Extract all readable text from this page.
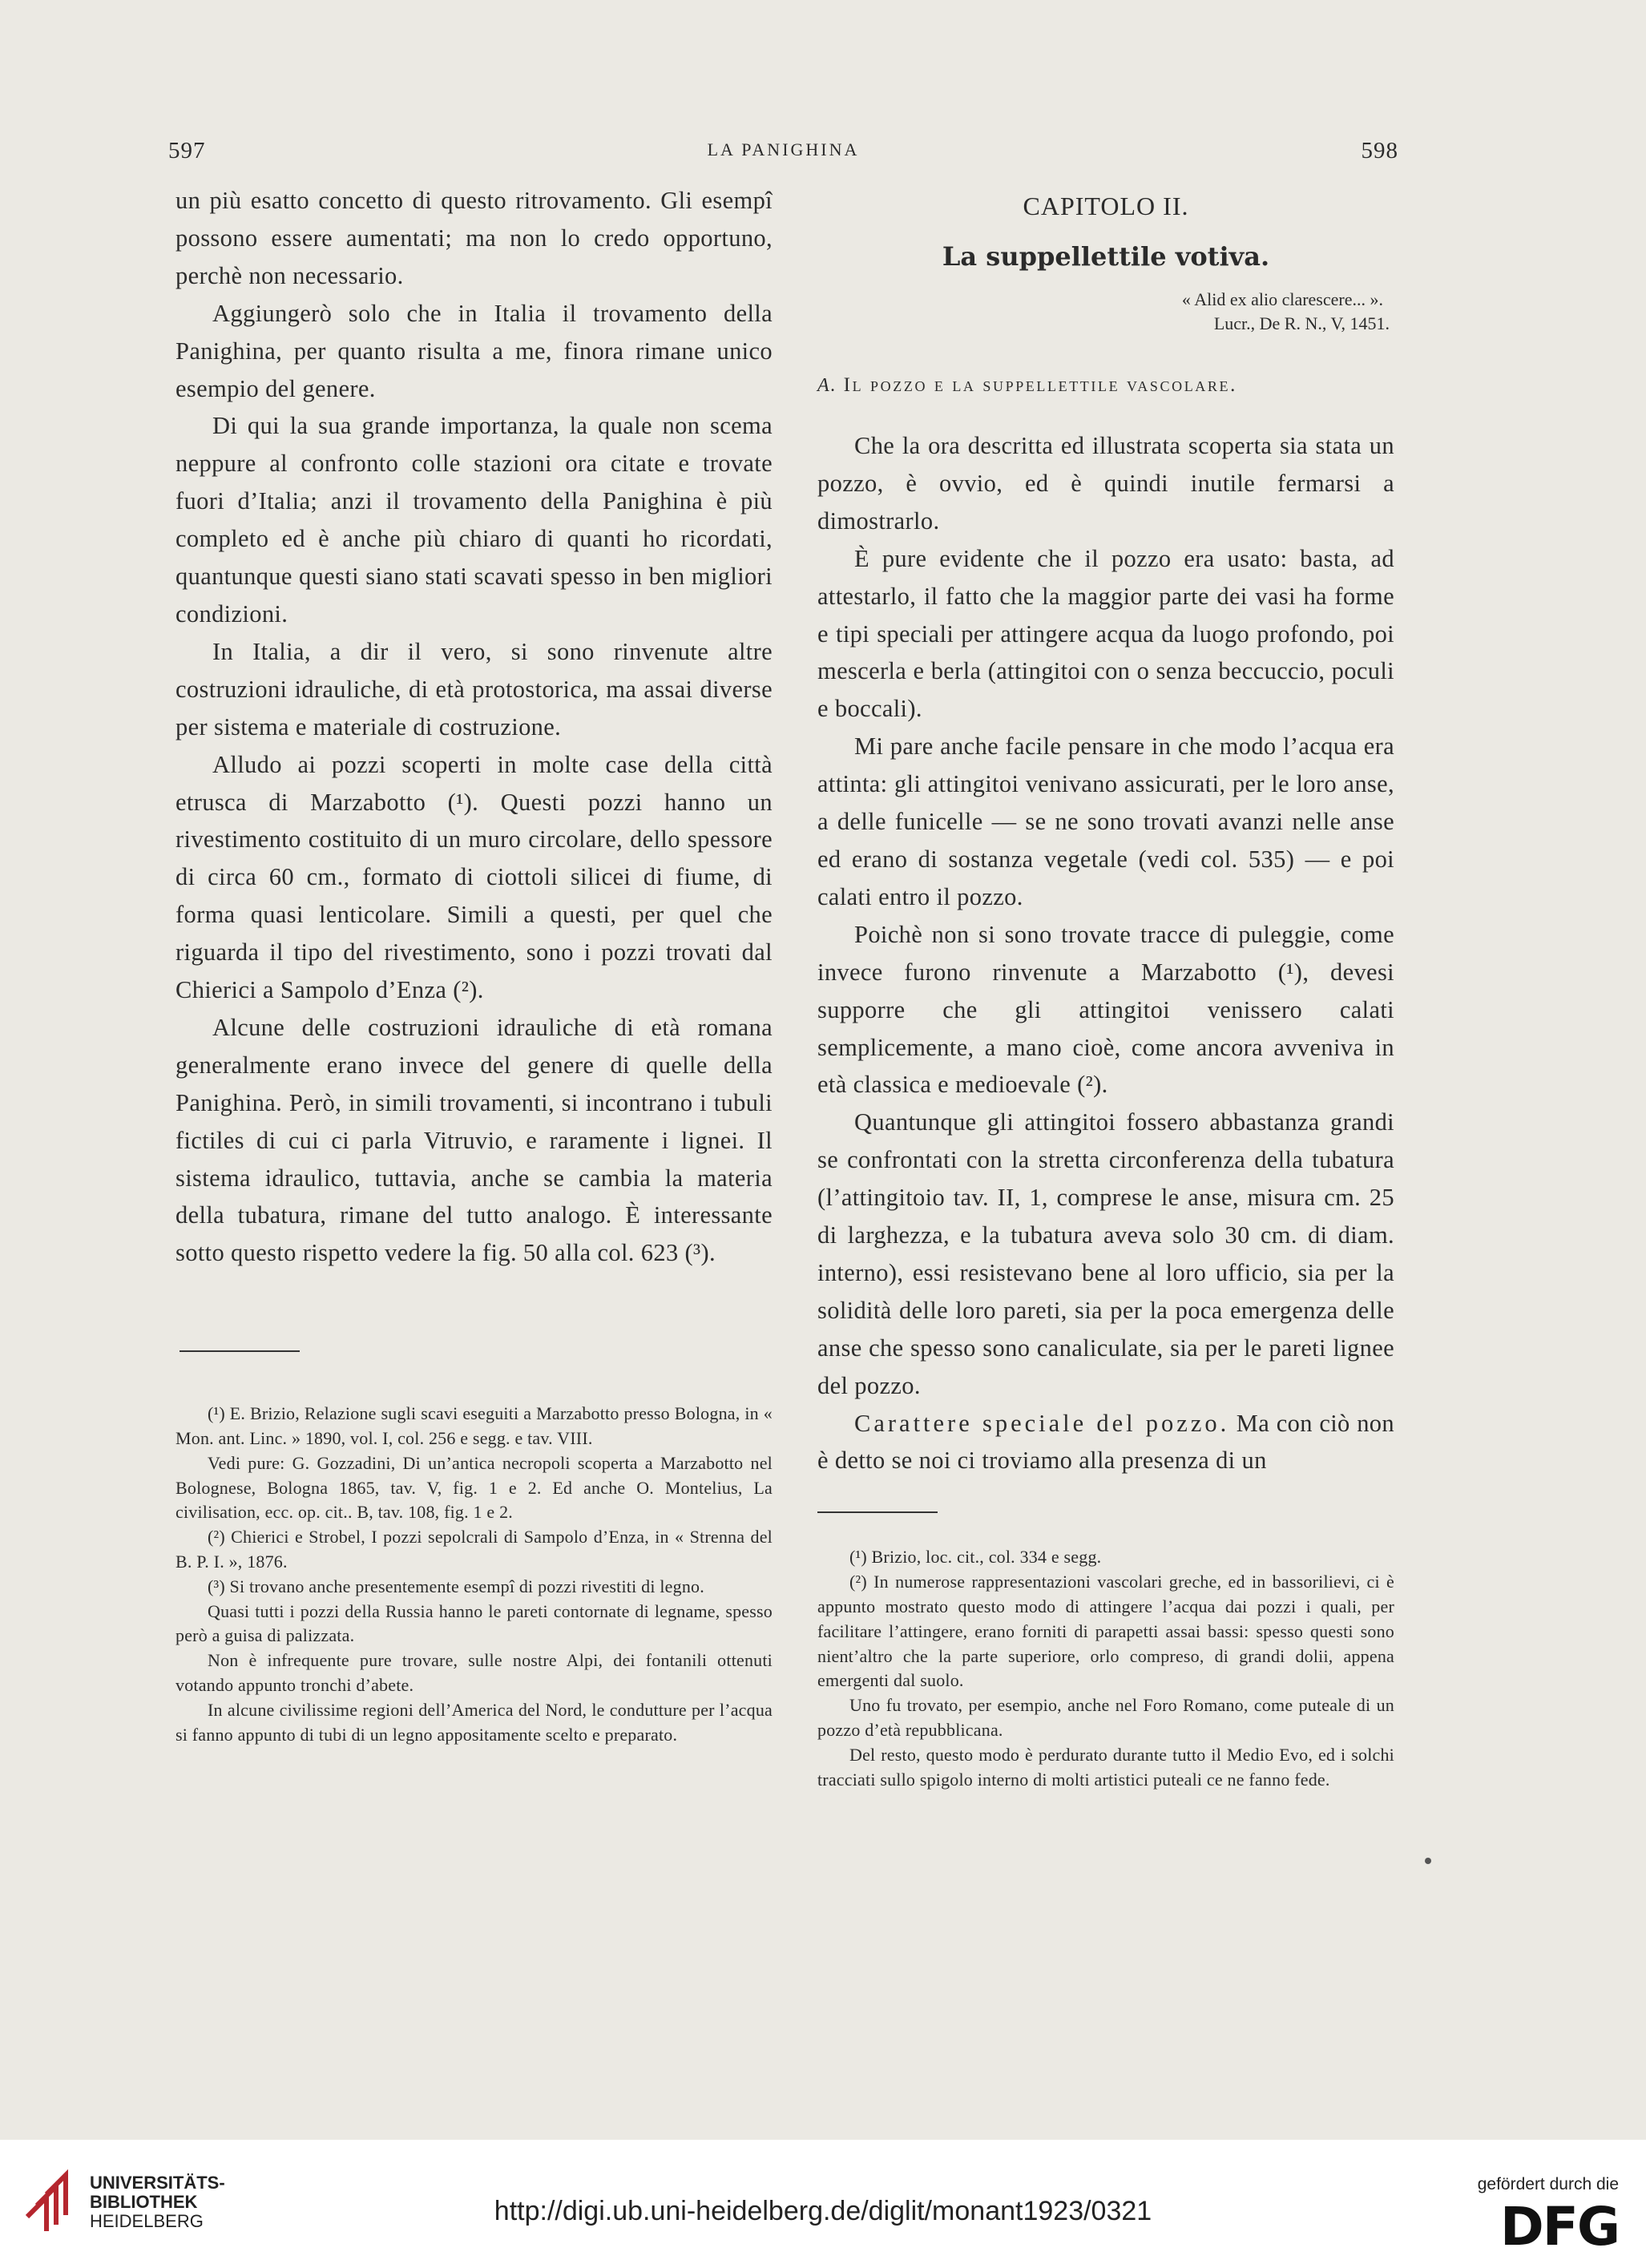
597	LA PANIGHINA	598

un più esatto concetto di questo ritrovamento. Gli esempî possono essere aumentati; ma non lo credo opportuno, perchè non necessario.

Aggiungerò solo che in Italia il trovamento della Panighina, per quanto risulta a me, finora rimane unico esempio del genere.

Di qui la sua grande importanza, la quale non scema neppure al confronto colle stazioni ora citate e trovate fuori d’Italia; anzi il trovamento della Panighina è più completo ed è anche più chiaro di quanti ho ricordati, quantunque questi siano stati scavati spesso in ben migliori condizioni.

In Italia, a dir il vero, si sono rinvenute altre costruzioni idrauliche, di età protostorica, ma assai diverse per sistema e materiale di costruzione.

Alludo ai pozzi scoperti in molte case della città etrusca di Marzabotto (¹). Questi pozzi hanno un rivestimento costituito di un muro circolare, dello spessore di circa 60 cm., formato di ciottoli silicei di fiume, di forma quasi lenticolare. Simili a questi, per quel che riguarda il tipo del rivestimento, sono i pozzi trovati dal Chierici a Sampolo d’Enza (²).

Alcune delle costruzioni idrauliche di età romana generalmente erano invece del genere di quelle della Panighina. Però, in simili trovamenti, si incontrano i tubuli fictiles di cui ci parla Vitruvio, e raramente i lignei. Il sistema idraulico, tuttavia, anche se cambia la materia della tubatura, rimane del tutto analogo. È interessante sotto questo rispetto vedere la fig. 50 alla col. 623 (³).

(¹) E. Brizio, Relazione sugli scavi eseguiti a Marzabotto presso Bologna, in « Mon. ant. Linc. » 1890, vol. I, col. 256 e segg. e tav. VIII.

Vedi pure: G. Gozzadini, Di un’antica necropoli scoperta a Marzabotto nel Bolognese, Bologna 1865, tav. V, fig. 1 e 2. Ed anche O. Montelius, La civilisation, ecc. op. cit.. B, tav. 108, fig. 1 e 2.

(²) Chierici e Strobel, I pozzi sepolcrali di Sampolo d’Enza, in « Strenna del B. P. I. », 1876.

(³) Si trovano anche presentemente esempî di pozzi rivestiti di legno.

Quasi tutti i pozzi della Russia hanno le pareti contornate di legname, spesso però a guisa di palizzata.

Non è infrequente pure trovare, sulle nostre Alpi, dei fontanili ottenuti votando appunto tronchi d’abete.

In alcune civilissime regioni dell’America del Nord, le condutture per l’acqua si fanno appunto di tubi di un legno appositamente scelto e preparato.

CAPITOLO II.
La suppellettile votiva.
« Alid ex alio clarescere... ».
Lucr., De R. N., V, 1451.
A. Il pozzo e la suppellettile vascolare.

Che la ora descritta ed illustrata scoperta sia stata un pozzo, è ovvio, ed è quindi inutile fermarsi a dimostrarlo.

È pure evidente che il pozzo era usato: basta, ad attestarlo, il fatto che la maggior parte dei vasi ha forme e tipi speciali per attingere acqua da luogo profondo, poi mescerla e berla (attingitoi con o senza beccuccio, poculi e boccali).

Mi pare anche facile pensare in che modo l’acqua era attinta: gli attingitoi venivano assicurati, per le loro anse, a delle funicelle — se ne sono trovati avanzi nelle anse ed erano di sostanza vegetale (vedi col. 535) — e poi calati entro il pozzo.

Poichè non si sono trovate tracce di puleggie, come invece furono rinvenute a Marzabotto (¹), devesi supporre che gli attingitoi venissero calati semplicemente, a mano cioè, come ancora avveniva in età classica e medioevale (²).

Quantunque gli attingitoi fossero abbastanza grandi se confrontati con la stretta circonferenza della tubatura (l’attingitoio tav. II, 1, comprese le anse, misura cm. 25 di larghezza, e la tubatura aveva solo 30 cm. di diam. interno), essi resistevano bene al loro ufficio, sia per la solidità delle loro pareti, sia per la poca emergenza delle anse che spesso sono canaliculate, sia per le pareti lignee del pozzo.

Carattere speciale del pozzo. Ma con ciò non è detto se noi ci troviamo alla presenza di un

(¹) Brizio, loc. cit., col. 334 e segg.

(²) In numerose rappresentazioni vascolari greche, ed in bassorilievi, ci è appunto mostrato questo modo di attingere l’acqua dai pozzi i quali, per facilitare l’attingere, erano forniti di parapetti assai bassi: spesso questi sono nient’altro che la parte superiore, orlo compreso, di grandi dolii, appena emergenti dal suolo.

Uno fu trovato, per esempio, anche nel Foro Romano, come puteale di un pozzo d’età repubblicana.

Del resto, questo modo è perdurato durante tutto il Medio Evo, ed i solchi tracciati sullo spigolo interno di molti artistici puteali ce ne fanno fede.

UNIVERSITÄTS-
BIBLIOTHEK
HEIDELBERG	http://digi.ub.uni-heidelberg.de/diglit/monant1923/0321
gefördert durch die
DFG
